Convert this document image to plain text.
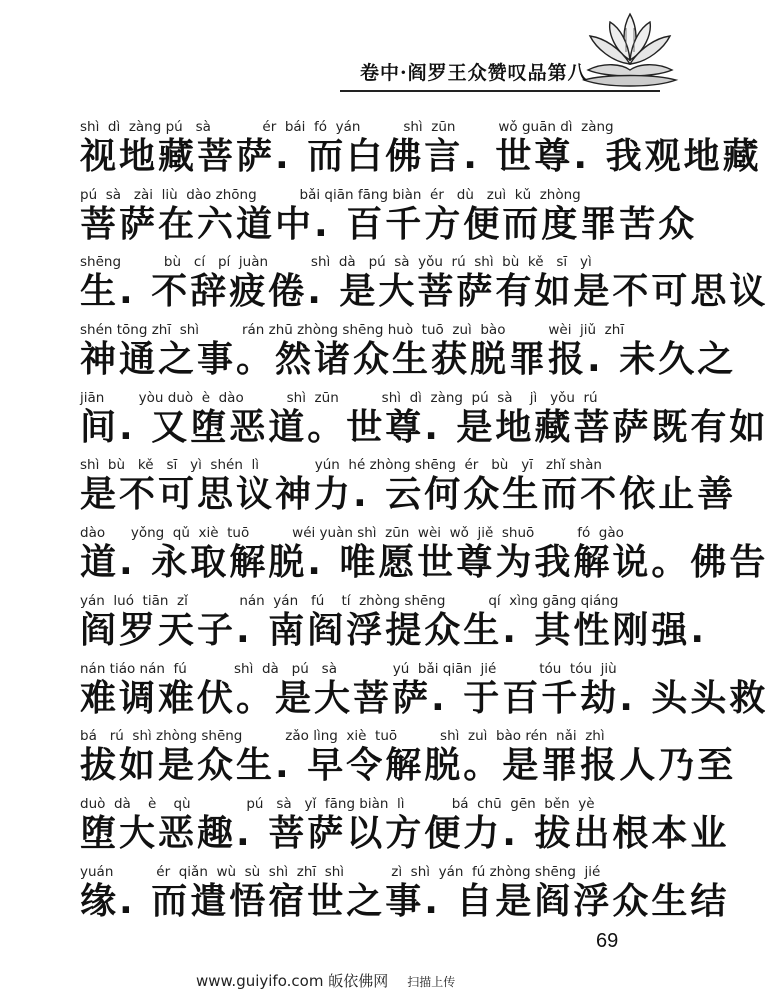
卷中·阎罗王众赞叹品第八
shì  dì  zàng pú   sà            ér  bái  fó  yán          shì  zūn          wǒ guān dì  zàng
视地藏菩萨. 而白佛言. 世尊. 我观地藏
pú  sà   zài  liù  dào zhōng          bǎi qiān fāng biàn  ér   dù   zuì  kǔ  zhòng
菩萨在六道中. 百千方便而度罪苦众
shēng          bù   cí   pí  juàn          shì  dà   pú  sà  yǒu  rú  shì  bù  kě   sī   yì
生. 不辞疲倦. 是大菩萨有如是不可思议
shén tōng zhī  shì          rán zhū zhòng shēng huò  tuō  zuì  bào          wèi  jiǔ  zhī
神通之事。然诸众生获脱罪报. 未久之
jiān        yòu duò  è  dào          shì  zūn          shì  dì  zàng  pú  sà    jì   yǒu  rú
间. 又堕恶道。世尊. 是地藏菩萨既有如
shì  bù   kě   sī   yì  shén  lì             yún  hé zhòng shēng  ér   bù   yī   zhǐ shàn
是不可思议神力. 云何众生而不依止善
dào      yǒng  qǔ  xiè  tuō          wéi yuàn shì  zūn  wèi  wǒ  jiě  shuō          fó  gào
道. 永取解脱. 唯愿世尊为我解说。佛告
yán  luó  tiān  zǐ            nán  yán   fú    tí  zhòng shēng          qí  xìng gāng qiáng
阎罗天子. 南阎浮提众生. 其性刚强.
nán tiáo nán  fú           shì  dà   pú   sà             yú  bǎi qiān  jié          tóu  tóu  jiù
难调难伏。是大菩萨. 于百千劫. 头头救
bá   rú  shì zhòng shēng          zǎo lìng  xiè  tuō          shì  zuì  bào rén  nǎi  zhì
拔如是众生. 早令解脱。是罪报人乃至
duò  dà    è    qù             pú   sà   yǐ  fāng biàn  lì           bá  chū  gēn  běn  yè
堕大恶趣. 菩萨以方便力. 拔出根本业
yuán          ér  qiǎn  wù  sù  shì  zhī  shì           zì  shì  yán  fú zhòng shēng  jié
缘. 而遣悟宿世之事. 自是阎浮众生结
69
www.guiyifo.com 皈依佛网 扫描上传
